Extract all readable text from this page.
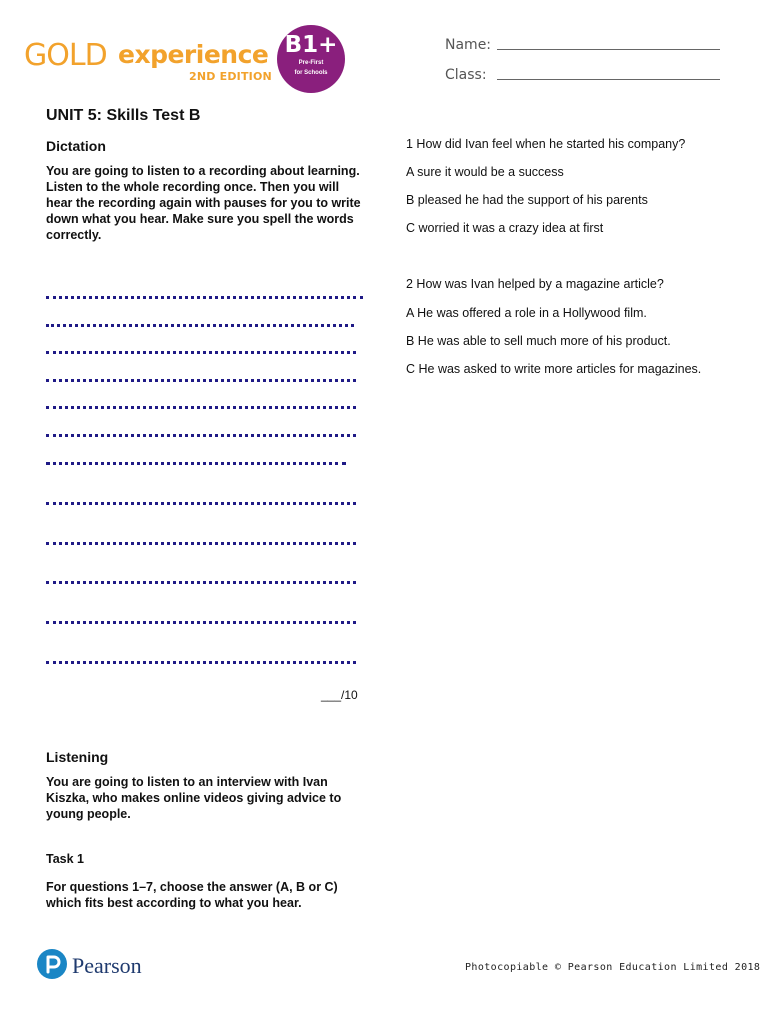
GOLD experience
2ND EDITION
B1+
Pre-First
for Schools
Name:
Class:
UNIT 5: Skills Test B
Dictation
You are going to listen to a recording about learning. Listen to the whole recording once. Then you will hear the recording again with pauses for you to write down what you hear. Make sure you spell the words correctly.
___/10
Listening
You are going to listen to an interview with Ivan Kiszka, who makes online videos giving advice to young people.
Task 1
For questions 1–7, choose the answer (A, B or C) which fits best according to what you hear.
1 How did Ivan feel when he started his company?
A sure it would be a success
B pleased he had the support of his parents
C worried it was a crazy idea at first
2 How was Ivan helped by a magazine article?
A He was offered a role in a Hollywood film.
B He was able to sell much more of his product.
C He was asked to write more articles for magazines.
Pearson	Photocopiable © Pearson Education Limited 2018
